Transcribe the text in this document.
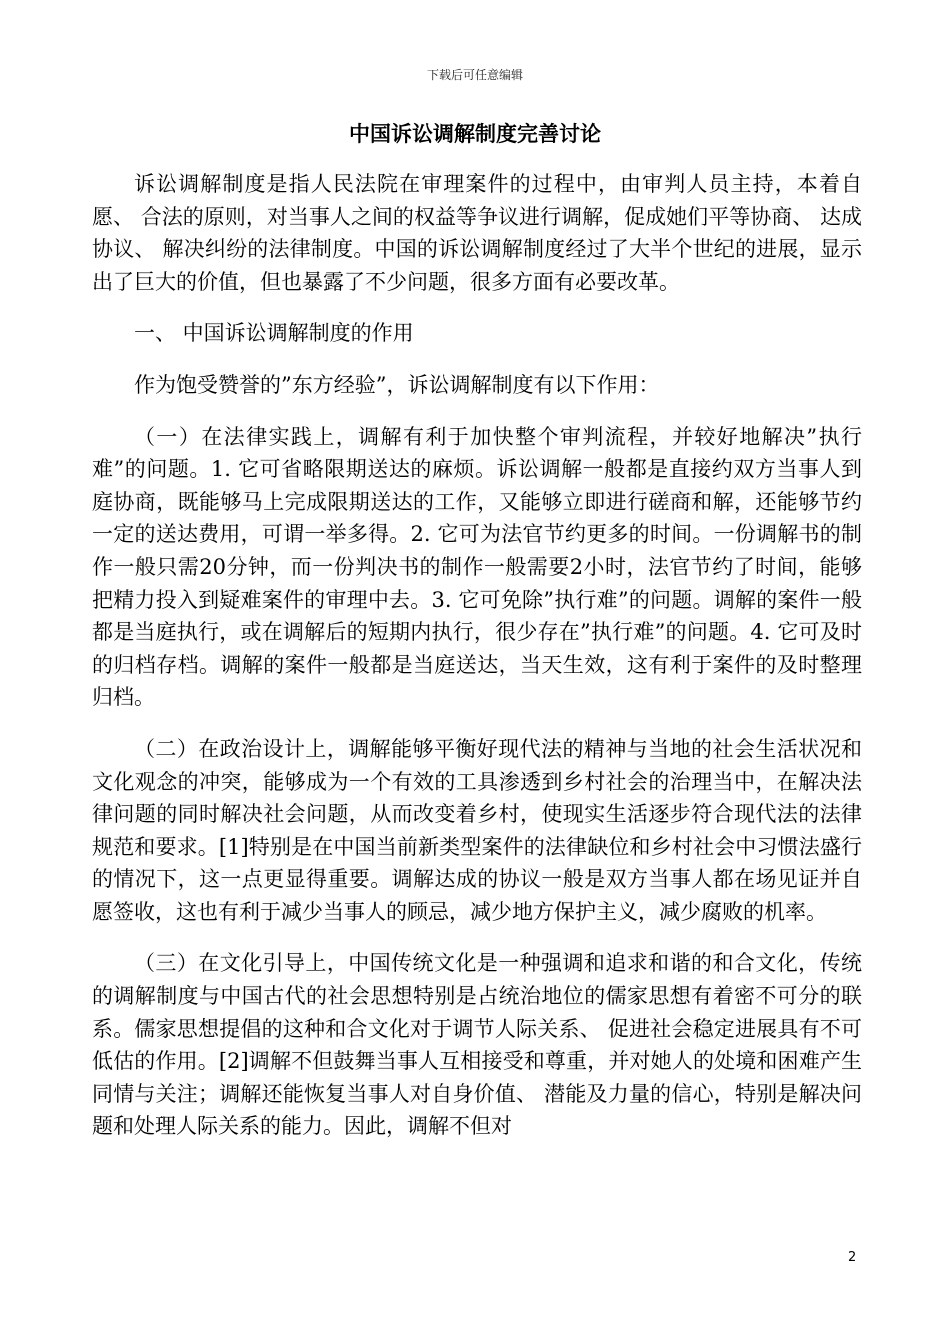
下载后可任意编辑
中国诉讼调解制度完善讨论

诉讼调解制度是指人民法院在审理案件的过程中，由审判人员主持，本着自愿、 合法的原则，对当事人之间的权益等争议进行调解，促成她们平等协商、 达成协议、 解决纠纷的法律制度。中国的诉讼调解制度经过了大半个世纪的进展，显示出了巨大的价值，但也暴露了不少问题，很多方面有必要改革。

一、 中国诉讼调解制度的作用

作为饱受赞誉的”东方经验”，诉讼调解制度有以下作用：

（一）在法律实践上，调解有利于加快整个审判流程，并较好地解决”执行难”的问题。1. 它可省略限期送达的麻烦。诉讼调解一般都是直接约双方当事人到庭协商，既能够马上完成限期送达的工作，又能够立即进行磋商和解，还能够节约一定的送达费用，可谓一举多得。2. 它可为法官节约更多的时间。一份调解书的制作一般只需20分钟，而一份判决书的制作一般需要2小时，法官节约了时间，能够把精力投入到疑难案件的审理中去。3. 它可免除”执行难”的问题。调解的案件一般都是当庭执行，或在调解后的短期内执行，很少存在”执行难”的问题。4. 它可及时的归档存档。调解的案件一般都是当庭送达，当天生效，这有利于案件的及时整理归档。

（二）在政治设计上，调解能够平衡好现代法的精神与当地的社会生活状况和文化观念的冲突，能够成为一个有效的工具渗透到乡村社会的治理当中，在解决法律问题的同时解决社会问题，从而改变着乡村，使现实生活逐步符合现代法的法律规范和要求。[1]特别是在中国当前新类型案件的法律缺位和乡村社会中习惯法盛行的情况下，这一点更显得重要。调解达成的协议一般是双方当事人都在场见证并自愿签收，这也有利于减少当事人的顾忌，减少地方保护主义，减少腐败的机率。

（三）在文化引导上，中国传统文化是一种强调和追求和谐的和合文化，传统的调解制度与中国古代的社会思想特别是占统治地位的儒家思想有着密不可分的联系。儒家思想提倡的这种和合文化对于调节人际关系、 促进社会稳定进展具有不可低估的作用。[2]调解不但鼓舞当事人互相接受和尊重，并对她人的处境和困难产生同情与关注；调解还能恢复当事人对自身价值、 潜能及力量的信心，特别是解决问题和处理人际关系的能力。因此，调解不但对

2
